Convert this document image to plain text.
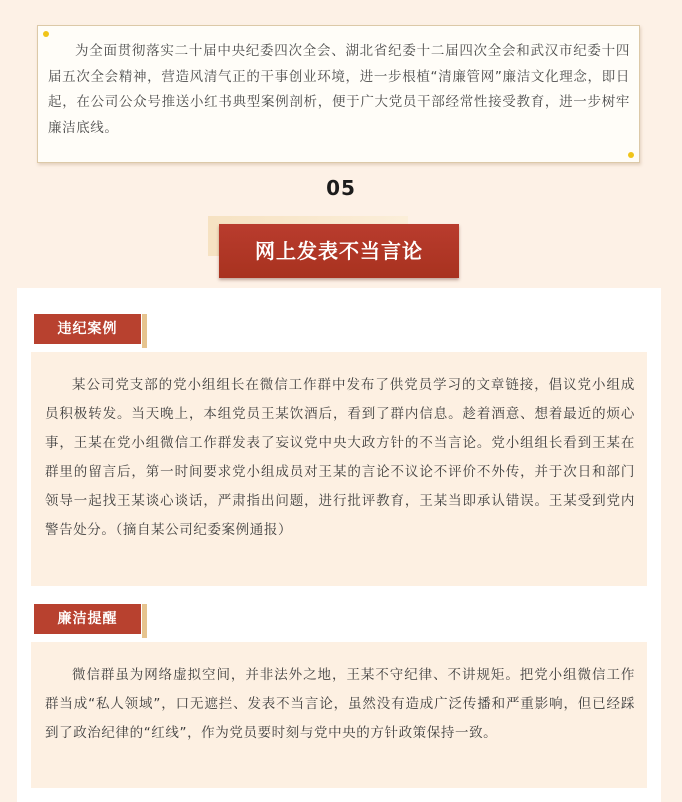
为全面贯彻落实二十届中央纪委四次全会、湖北省纪委十二届四次全会和武汉市纪委十四届五次全会精神，营造风清气正的干事创业环境，进一步根植“清廉管网”廉洁文化理念，即日起，在公司公众号推送小红书典型案例剖析，便于广大党员干部经常性接受教育，进一步树牢廉洁底线。

05
网上发表不当言论
违纪案例

某公司党支部的党小组组长在微信工作群中发布了供党员学习的文章链接，倡议党小组成员积极转发。当天晚上，本组党员王某饮酒后，看到了群内信息。趁着酒意、想着最近的烦心事，王某在党小组微信工作群发表了妄议党中央大政方针的不当言论。党小组组长看到王某在群里的留言后，第一时间要求党小组成员对王某的言论不议论不评价不外传，并于次日和部门领导一起找王某谈心谈话，严肃指出问题，进行批评教育，王某当即承认错误。王某受到党内警告处分。（摘自某公司纪委案例通报）

廉洁提醒

微信群虽为网络虚拟空间，并非法外之地，王某不守纪律、不讲规矩。把党小组微信工作群当成“私人领域”，口无遮拦、发表不当言论，虽然没有造成广泛传播和严重影响，但已经踩到了政治纪律的“红线”，作为党员要时刻与党中央的方针政策保持一致。
